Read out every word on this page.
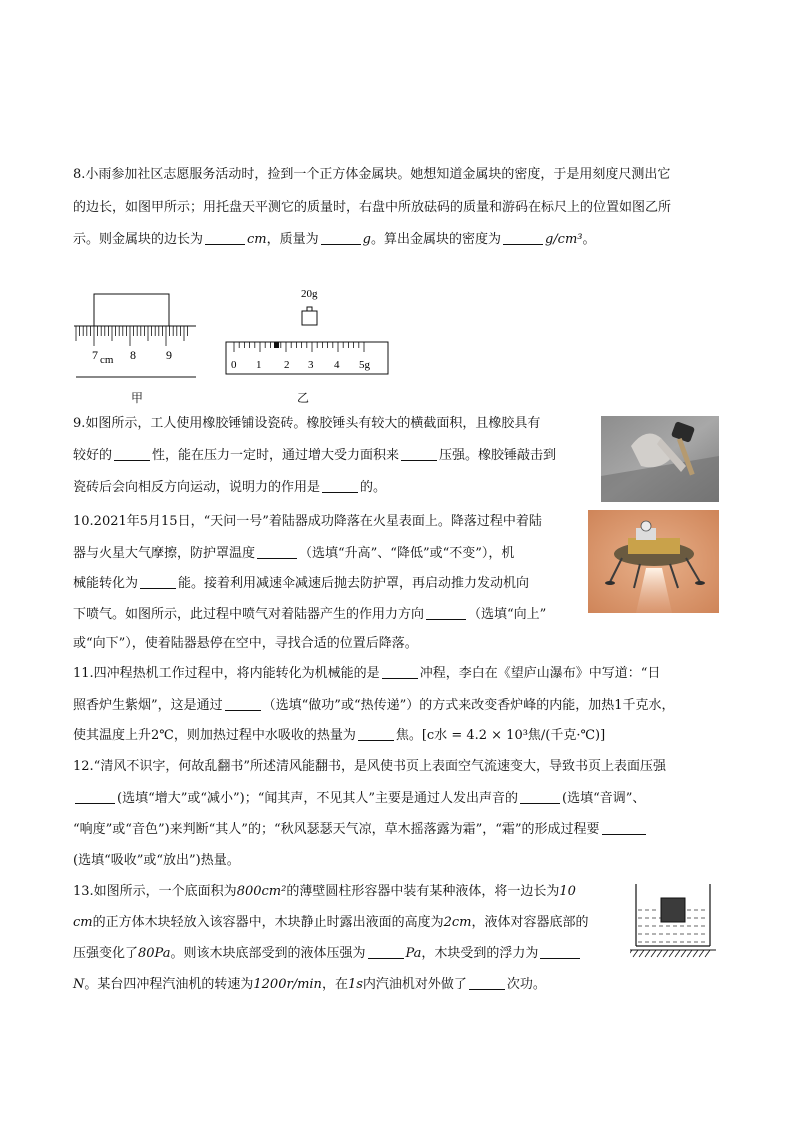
8.小雨参加社区志愿服务活动时，捡到一个正方体金属块。她想知道金属块的密度，于是用刻度尺测出它
的边长，如图甲所示；用托盘天平测它的质量时，右盘中所放砝码的质量和游码在标尺上的位置如图乙所
示。则金属块的边长为	cm，质量为	g。算出金属块的密度为	g/cm³。
7 cm 8	9
甲
20g
0 1 2 3 4 5g
乙
9.如图所示，工人使用橡胶锤铺设瓷砖。橡胶锤头有较大的横截面积，且橡胶具有
较好的	性，能在压力一定时，通过增大受力面积来	压强。橡胶锤敲击到
瓷砖后会向相反方向运动，说明力的作用是	的。
10.2021年5月15日，“天问一号”着陆器成功降落在火星表面上。降落过程中着陆
器与火星大气摩擦，防护罩温度	（选填“升高”、“降低”或“不变”），机
械能转化为	能。接着利用减速伞减速后抛去防护罩，再启动推力发动机向
下喷气。如图所示，此过程中喷气对着陆器产生的作用力方向	（选填“向上”
或“向下”），使着陆器悬停在空中，寻找合适的位置后降落。
11.四冲程热机工作过程中，将内能转化为机械能的是	冲程，李白在《望庐山瀑布》中写道：“日
照香炉生紫烟”，这是通过	（选填“做功”或“热传递”）的方式来改变香炉峰的内能，加热1千克水，
使其温度上升2℃，则加热过程中水吸收的热量为	焦。[c水 = 4.2 × 10³焦/(千克·℃)]
12.“清风不识字，何故乱翻书”所述清风能翻书，是风使书页上表面空气流速变大，导致书页上表面压强
(选填“增大”或“减小”)；“闻其声，不见其人”主要是通过人发出声音的	(选填“音调”、
“响度”或“音色”)来判断“其人”的；“秋风瑟瑟天气凉，草木摇落露为霜”，“霜”的形成过程要
(选填“吸收”或“放出”)热量。
13.如图所示，一个底面积为800cm²的薄壁圆柱形容器中装有某种液体，将一边长为10
cm的正方体木块轻放入该容器中，木块静止时露出液面的高度为2cm，液体对容器底部的
压强变化了80Pa。则该木块底部受到的液体压强为	Pa，木块受到的浮力为
N。某台四冲程汽油机的转速为1200r/min，在1s内汽油机对外做了	次功。
